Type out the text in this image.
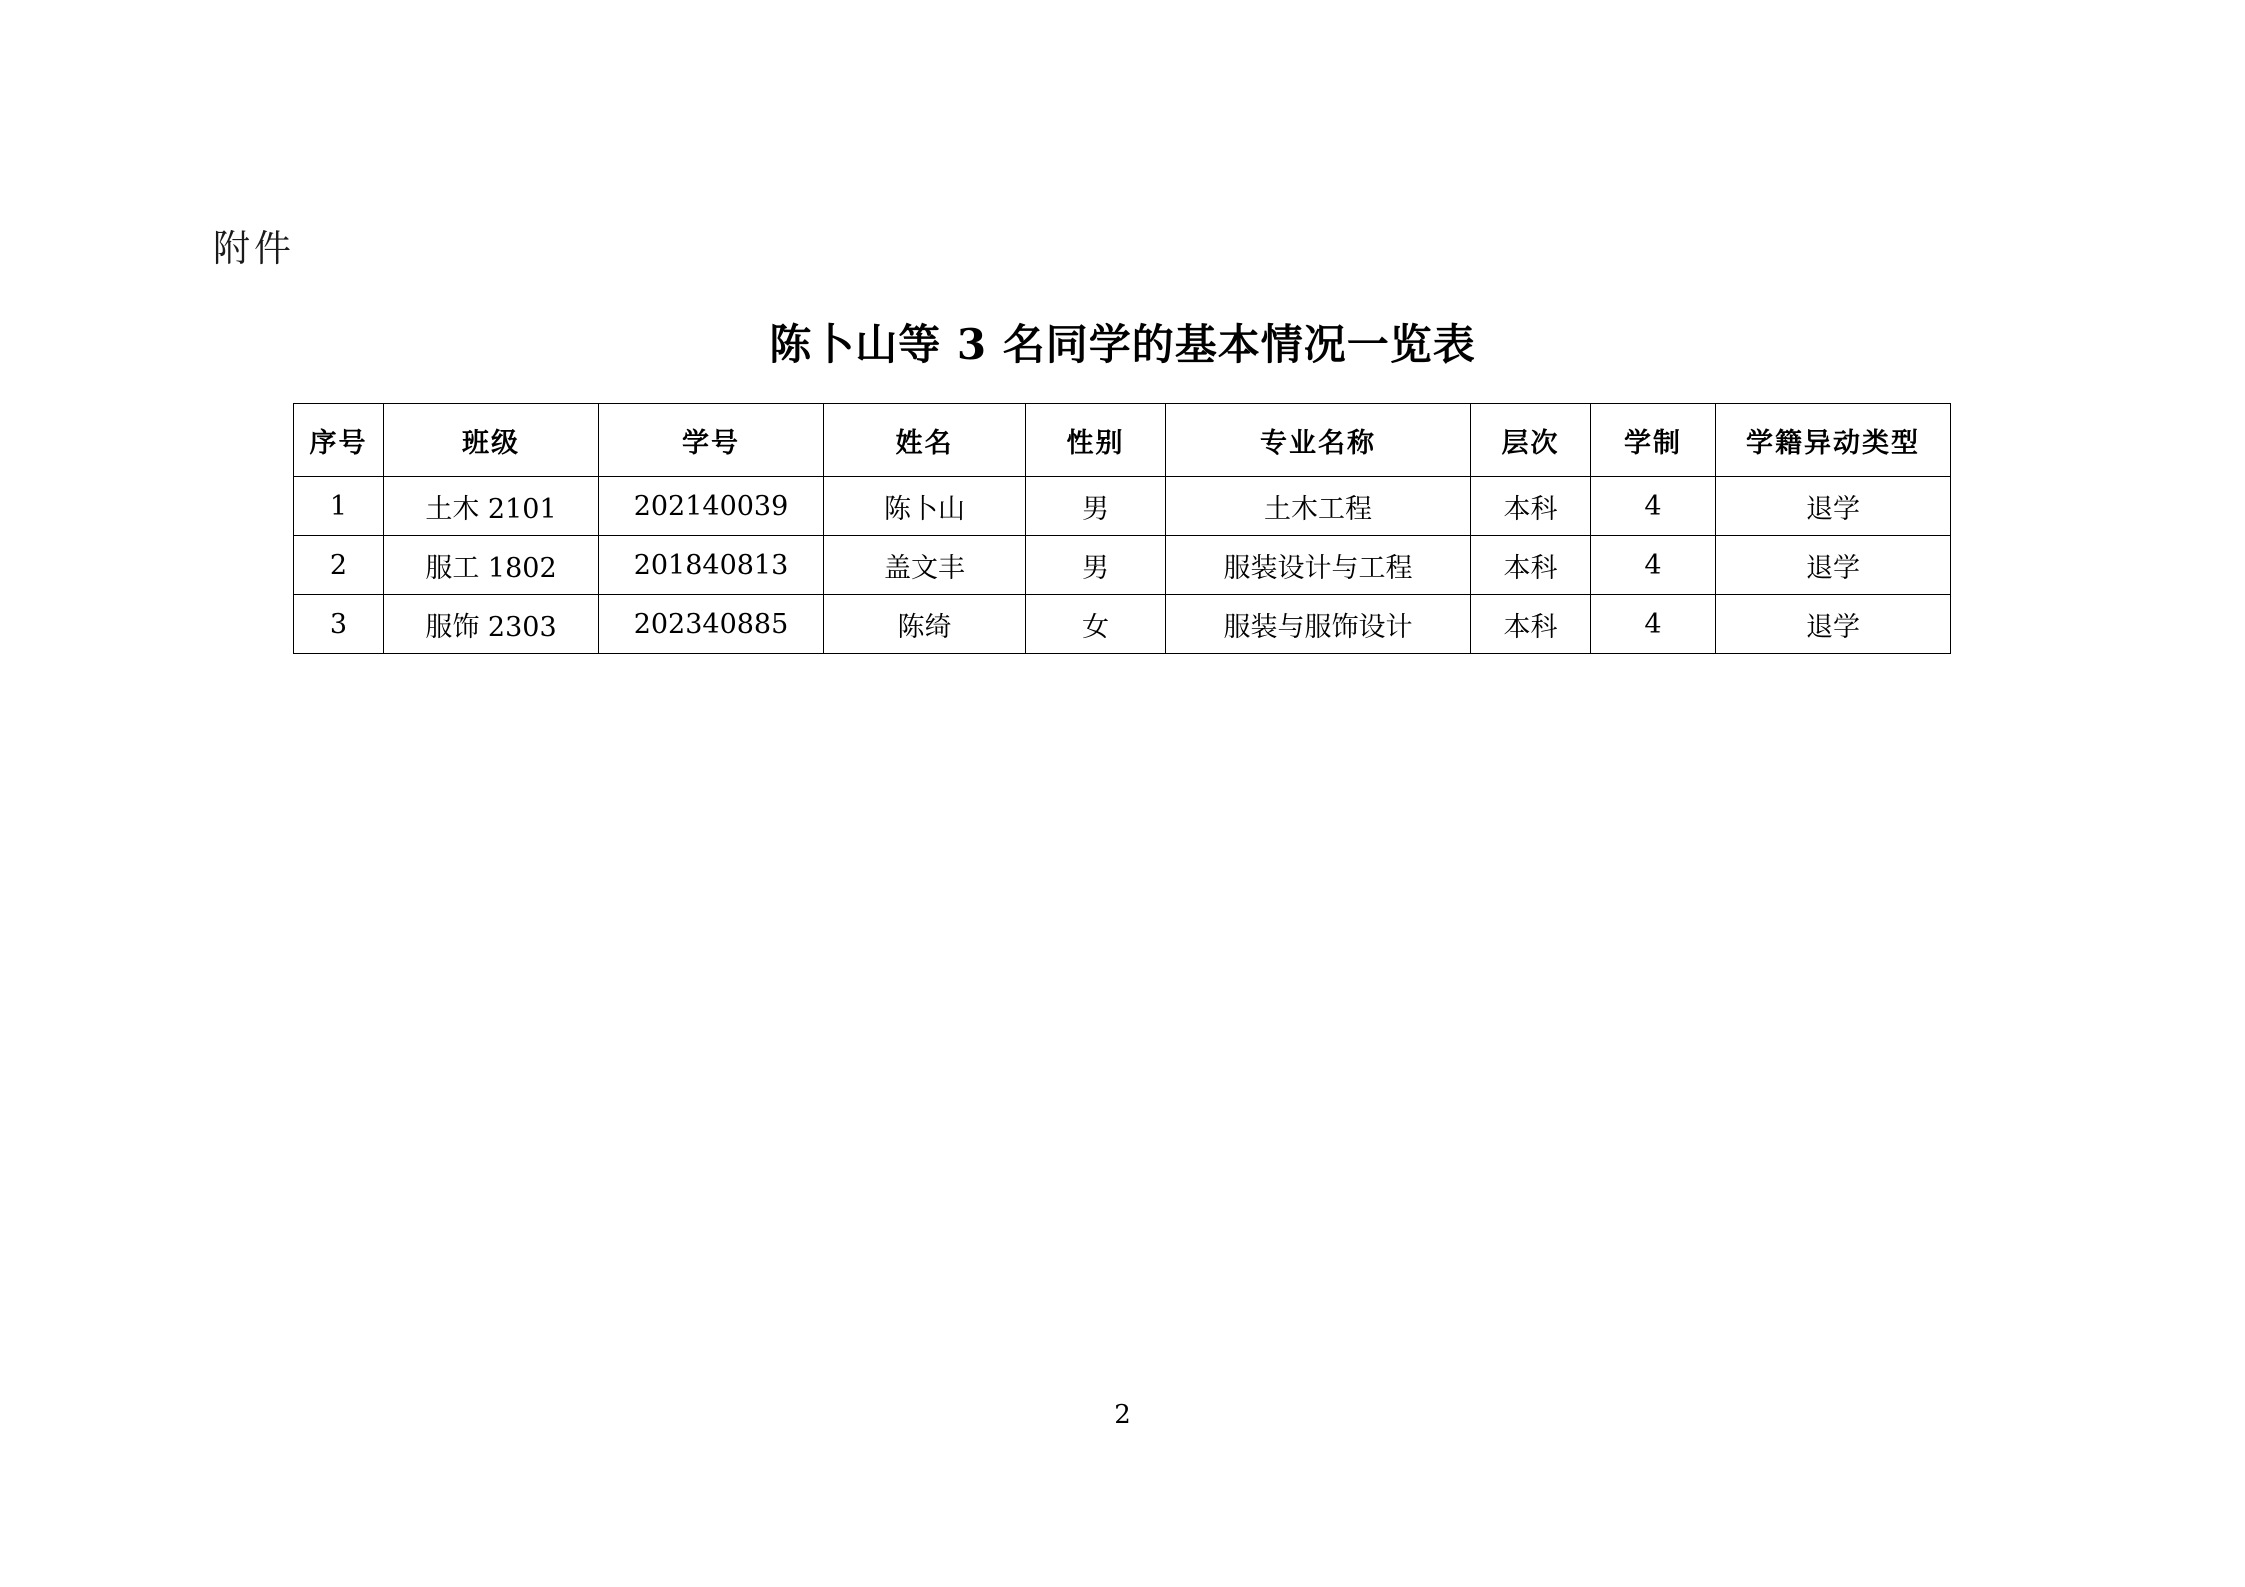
附件
陈卜山等 3 名同学的基本情况一览表
序号	班级	学号	姓名	性别	专业名称	层次	学制	学籍异动类型
1	土木 2101	202140039	陈卜山	男	土木工程	本科	4	退学
2	服工 1802	201840813	盖文丰	男	服装设计与工程	本科	4	退学
3	服饰 2303	202340885	陈绮	女	服装与服饰设计	本科	4	退学
2
